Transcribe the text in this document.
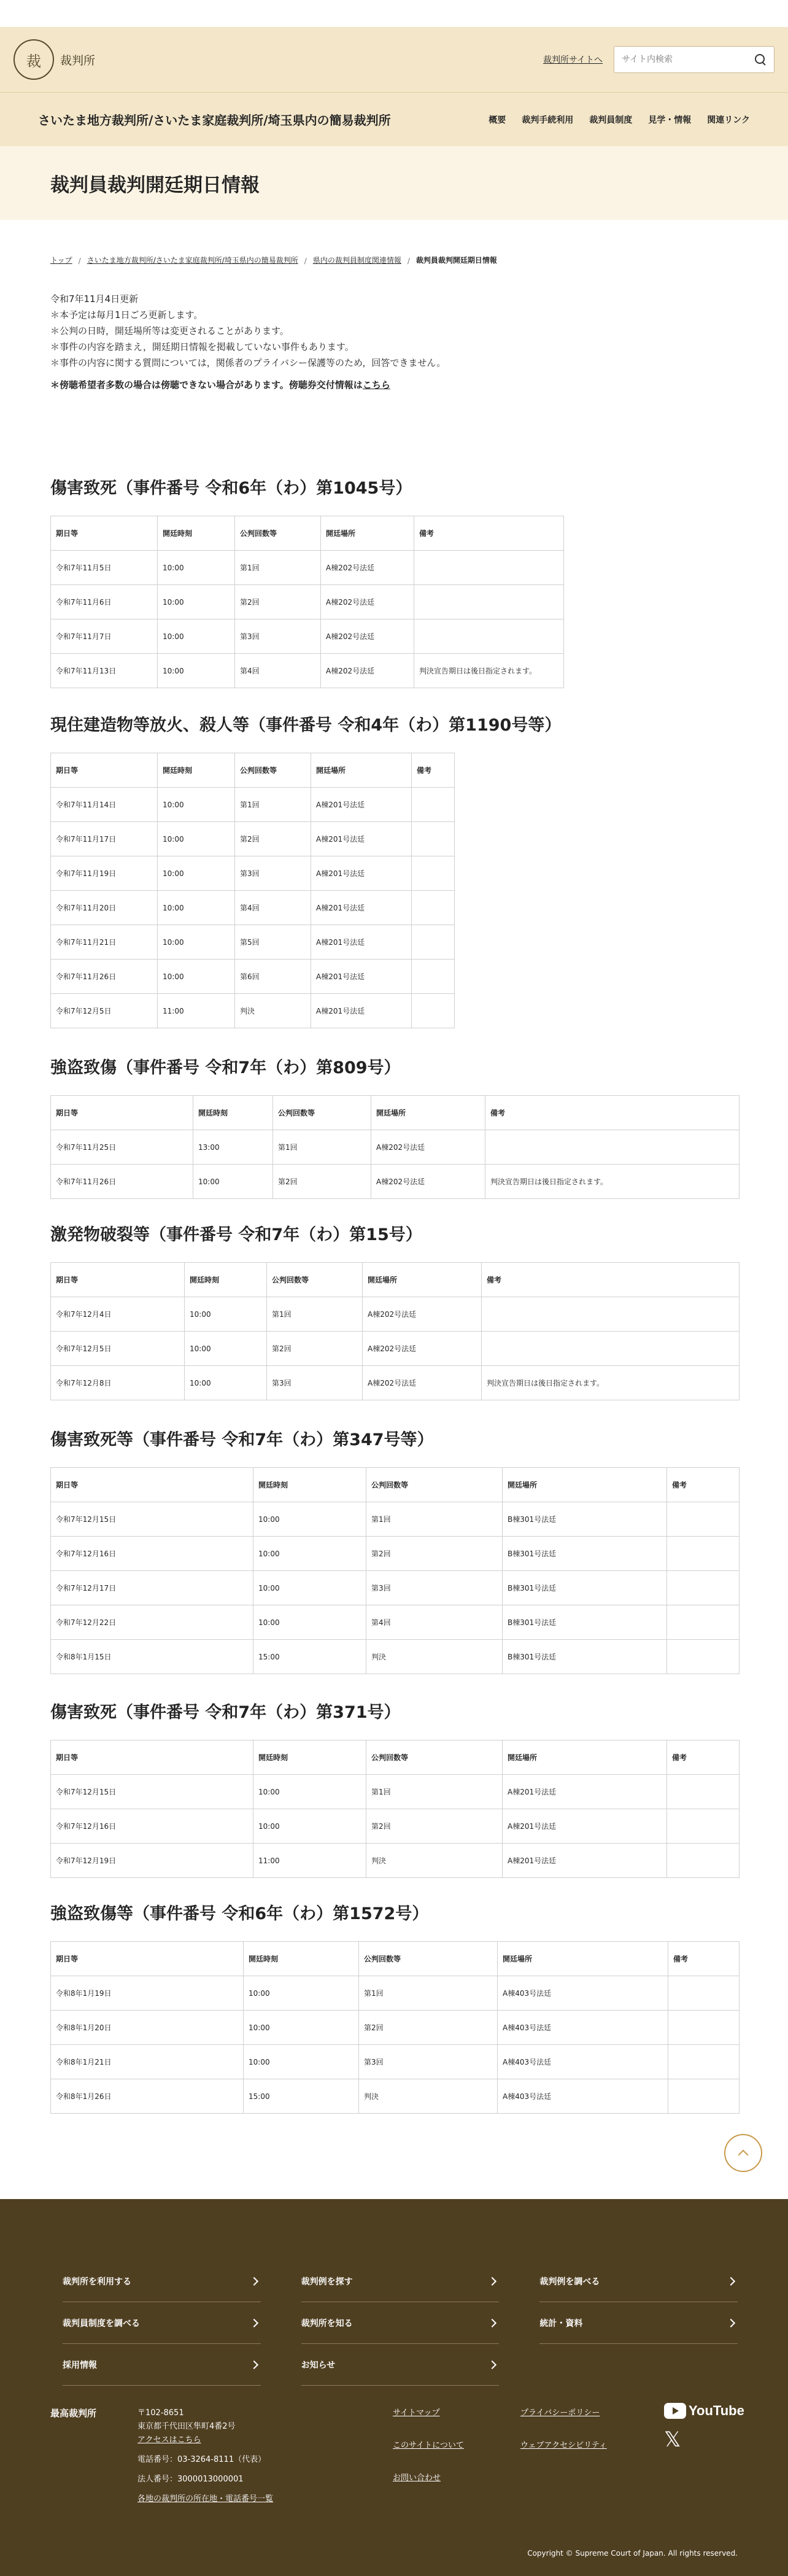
裁	裁判所	裁判所サイトへ
サイト内検索
さいたま地方裁判所/さいたま家庭裁判所/埼玉県内の簡易裁判所	概要 裁判手続利用 裁判員制度 見学・情報 関連リンク
裁判員裁判開廷期日情報
トップ / さいたま地方裁判所/さいたま家庭裁判所/埼玉県内の簡易裁判所 / 県内の裁判員制度関連情報 / 裁判員裁判開廷期日情報
令和7年11月4日更新
＊本予定は毎月1日ごろ更新します。
＊公判の日時，開廷場所等は変更されることがあります。
＊事件の内容を踏まえ，開廷期日情報を掲載していない事件もあります。
＊事件の内容に関する質問については，関係者のプライバシー保護等のため，回答できません。
＊傍聴希望者多数の場合は傍聴できない場合があります。傍聴券交付情報はこちら
傷害致死（事件番号 令和6年（わ）第1045号）
期日等	開廷時刻	公判回数等	開廷場所	備考
令和7年11月5日	10:00	第1回	A棟202号法廷	
令和7年11月6日	10:00	第2回	A棟202号法廷	
令和7年11月7日	10:00	第3回	A棟202号法廷	
令和7年11月13日	10:00	第4回	A棟202号法廷	判決宣告期日は後日指定されます。
現住建造物等放火、殺人等（事件番号 令和4年（わ）第1190号等）
期日等	開廷時刻	公判回数等	開廷場所	備考
令和7年11月14日	10:00	第1回	A棟201号法廷	
令和7年11月17日	10:00	第2回	A棟201号法廷	
令和7年11月19日	10:00	第3回	A棟201号法廷	
令和7年11月20日	10:00	第4回	A棟201号法廷	
令和7年11月21日	10:00	第5回	A棟201号法廷	
令和7年11月26日	10:00	第6回	A棟201号法廷	
令和7年12月5日	11:00	判決	A棟201号法廷	
強盗致傷（事件番号 令和7年（わ）第809号）
期日等	開廷時刻	公判回数等	開廷場所	備考
令和7年11月25日	13:00	第1回	A棟202号法廷	
令和7年11月26日	10:00	第2回	A棟202号法廷	判決宣告期日は後日指定されます。
激発物破裂等（事件番号 令和7年（わ）第15号）
期日等	開廷時刻	公判回数等	開廷場所	備考
令和7年12月4日	10:00	第1回	A棟202号法廷	
令和7年12月5日	10:00	第2回	A棟202号法廷	
令和7年12月8日	10:00	第3回	A棟202号法廷	判決宣告期日は後日指定されます。
傷害致死等（事件番号 令和7年（わ）第347号等）
期日等	開廷時刻	公判回数等	開廷場所	備考
令和7年12月15日	10:00	第1回	B棟301号法廷	
令和7年12月16日	10:00	第2回	B棟301号法廷	
令和7年12月17日	10:00	第3回	B棟301号法廷	
令和7年12月22日	10:00	第4回	B棟301号法廷	
令和8年1月15日	15:00	判決	B棟301号法廷	
傷害致死（事件番号 令和7年（わ）第371号）
期日等	開廷時刻	公判回数等	開廷場所	備考
令和7年12月15日	10:00	第1回	A棟201号法廷	
令和7年12月16日	10:00	第2回	A棟201号法廷	
令和7年12月19日	11:00	判決	A棟201号法廷	
強盗致傷等（事件番号 令和6年（わ）第1572号）
期日等	開廷時刻	公判回数等	開廷場所	備考
令和8年1月19日	10:00	第1回	A棟403号法廷	
令和8年1月20日	10:00	第2回	A棟403号法廷	
令和8年1月21日	10:00	第3回	A棟403号法廷	
令和8年1月26日	15:00	判決	A棟403号法廷	
裁判所を利用する	裁判例を探す	裁判例を調べる
裁判員制度を調べる	裁判所を知る	統計・資料
採用情報	お知らせ
最高裁判所	〒102-8651
東京都千代田区隼町4番2号
アクセスはこちら
電話番号：03-3264-8111（代表）
法人番号：3000013000001
各地の裁判所の所在地・電話番号一覧
サイトマップ
このサイトについて
お問い合わせ
プライバシーポリシー
ウェブアクセシビリティ
YouTube
𝕏
Copyright © Supreme Court of Japan. All rights reserved.
